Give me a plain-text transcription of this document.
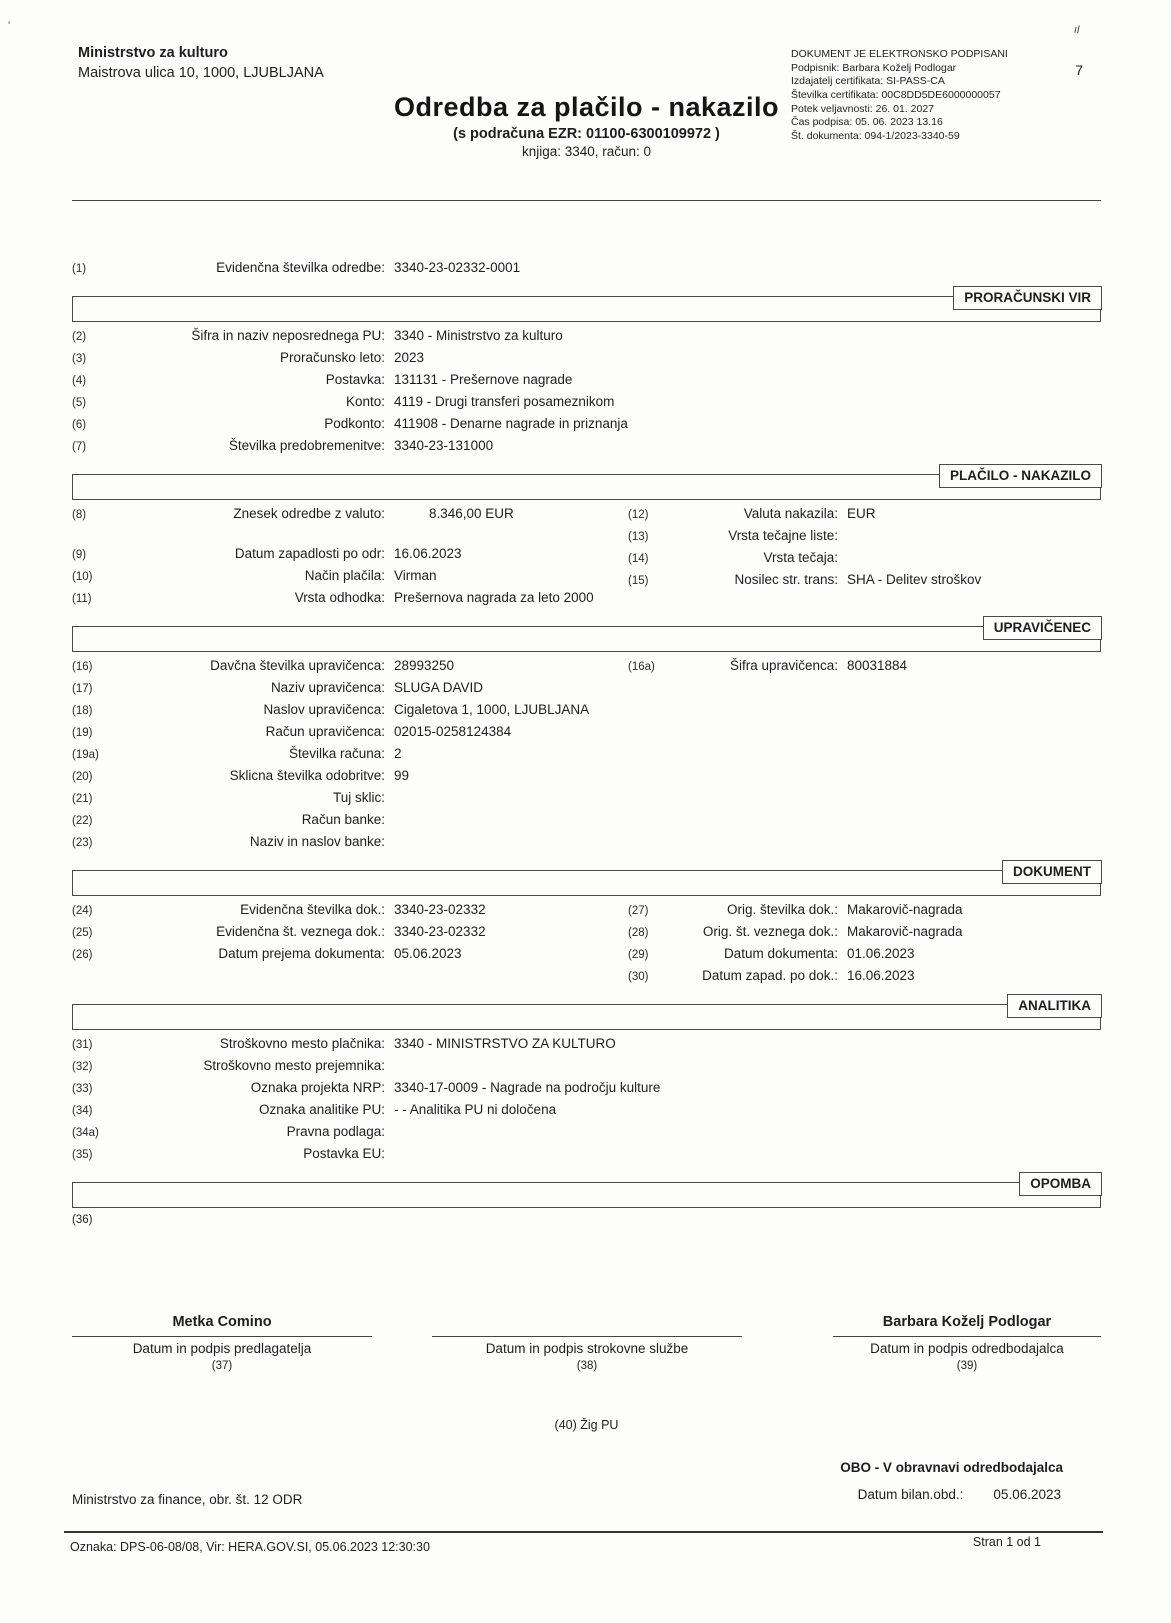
'	ıl
Ministrstvo za kulturo
Maistrova ulica 10, 1000, LJUBLJANA
DOKUMENT JE ELEKTRONSKO PODPISANI
Podpisnik: Barbara Koželj Podlogar
Izdajatelj certifikata: SI-PASS-CA
Številka certifikata: 00C8DD5DE6000000057
Potek veljavnosti: 26. 01. 2027
Čas podpisa: 05. 06. 2023 13.16
Št. dokumenta: 094-1/2023-3340-59
7
Odredba za plačilo - nakazilo
(s podračuna EZR: 01100-6300109972 )
knjiga: 3340, račun: 0
(1)	Evidenčna številka odredbe: 3340-23-02332-0001
PRORAČUNSKI VIR
(2)	Šifra in naziv neposrednega PU: 3340 - Ministrstvo za kulturo
(3)	Proračunsko leto: 2023
(4)	Postavka: 131131 - Prešernove nagrade
(5)	Konto: 4119 - Drugi transferi posameznikom
(6)	Podkonto: 411908 - Denarne nagrade in priznanja
(7)	Številka predobremenitve: 3340-23-131000
PLAČILO - NAKAZILO
(8)	Znesek odredbe z valuto:	8.346,00 EUR
(9)	Datum zapadlosti po odr: 16.06.2023
(10)	Način plačila: Virman
(11)	Vrsta odhodka: Prešernova nagrada za leto 2000
(12)	Valuta nakazila: EUR
(13)	Vrsta tečajne liste:
(14)	Vrsta tečaja:
(15)	Nosilec str. trans: SHA - Delitev stroškov
UPRAVIČENEC
(16)	Davčna številka upravičenca: 28993250	(16a)	Šifra upravičenca: 80031884
(17)	Naziv upravičenca: SLUGA DAVID
(18)	Naslov upravičenca: Cigaletova 1, 1000, LJUBLJANA
(19)	Račun upravičenca: 02015-0258124384
(19a)	Številka računa: 2
(20)	Sklicna številka odobritve: 99
(21)	Tuj sklic:
(22)	Račun banke:
(23)	Naziv in naslov banke:
DOKUMENT
(24)	Evidenčna številka dok.: 3340-23-02332
(25)	Evidenčna št. veznega dok.: 3340-23-02332
(26)	Datum prejema dokumenta: 05.06.2023
(27)	Orig. številka dok.: Makarovič-nagrada
(28)	Orig. št. veznega dok.: Makarovič-nagrada
(29)	Datum dokumenta: 01.06.2023
(30)	Datum zapad. po dok.: 16.06.2023
ANALITIKA
(31)	Stroškovno mesto plačnika: 3340 - MINISTRSTVO ZA KULTURO
(32)	Stroškovno mesto prejemnika:
(33)	Oznaka projekta NRP: 3340-17-0009 - Nagrade na področju kulture
(34)	Oznaka analitike PU: - - Analitika PU ni določena
(34a)	Pravna podlaga:
(35)	Postavka EU:
OPOMBA
(36)
Metka Comino
Datum in podpis predlagatelja
(37)
Datum in podpis strokovne službe
(38)
Barbara Koželj Podlogar
Datum in podpis odredbodajalca
(39)
(40) Žig PU
OBO - V obravnavi odredbodajalca
Datum bilan.obd.: 05.06.2023
Ministrstvo za finance, obr. št. 12 ODR
Oznaka: DPS-06-08/08, Vir: HERA.GOV.SI, 05.06.2023 12:30:30	Stran 1 od 1
